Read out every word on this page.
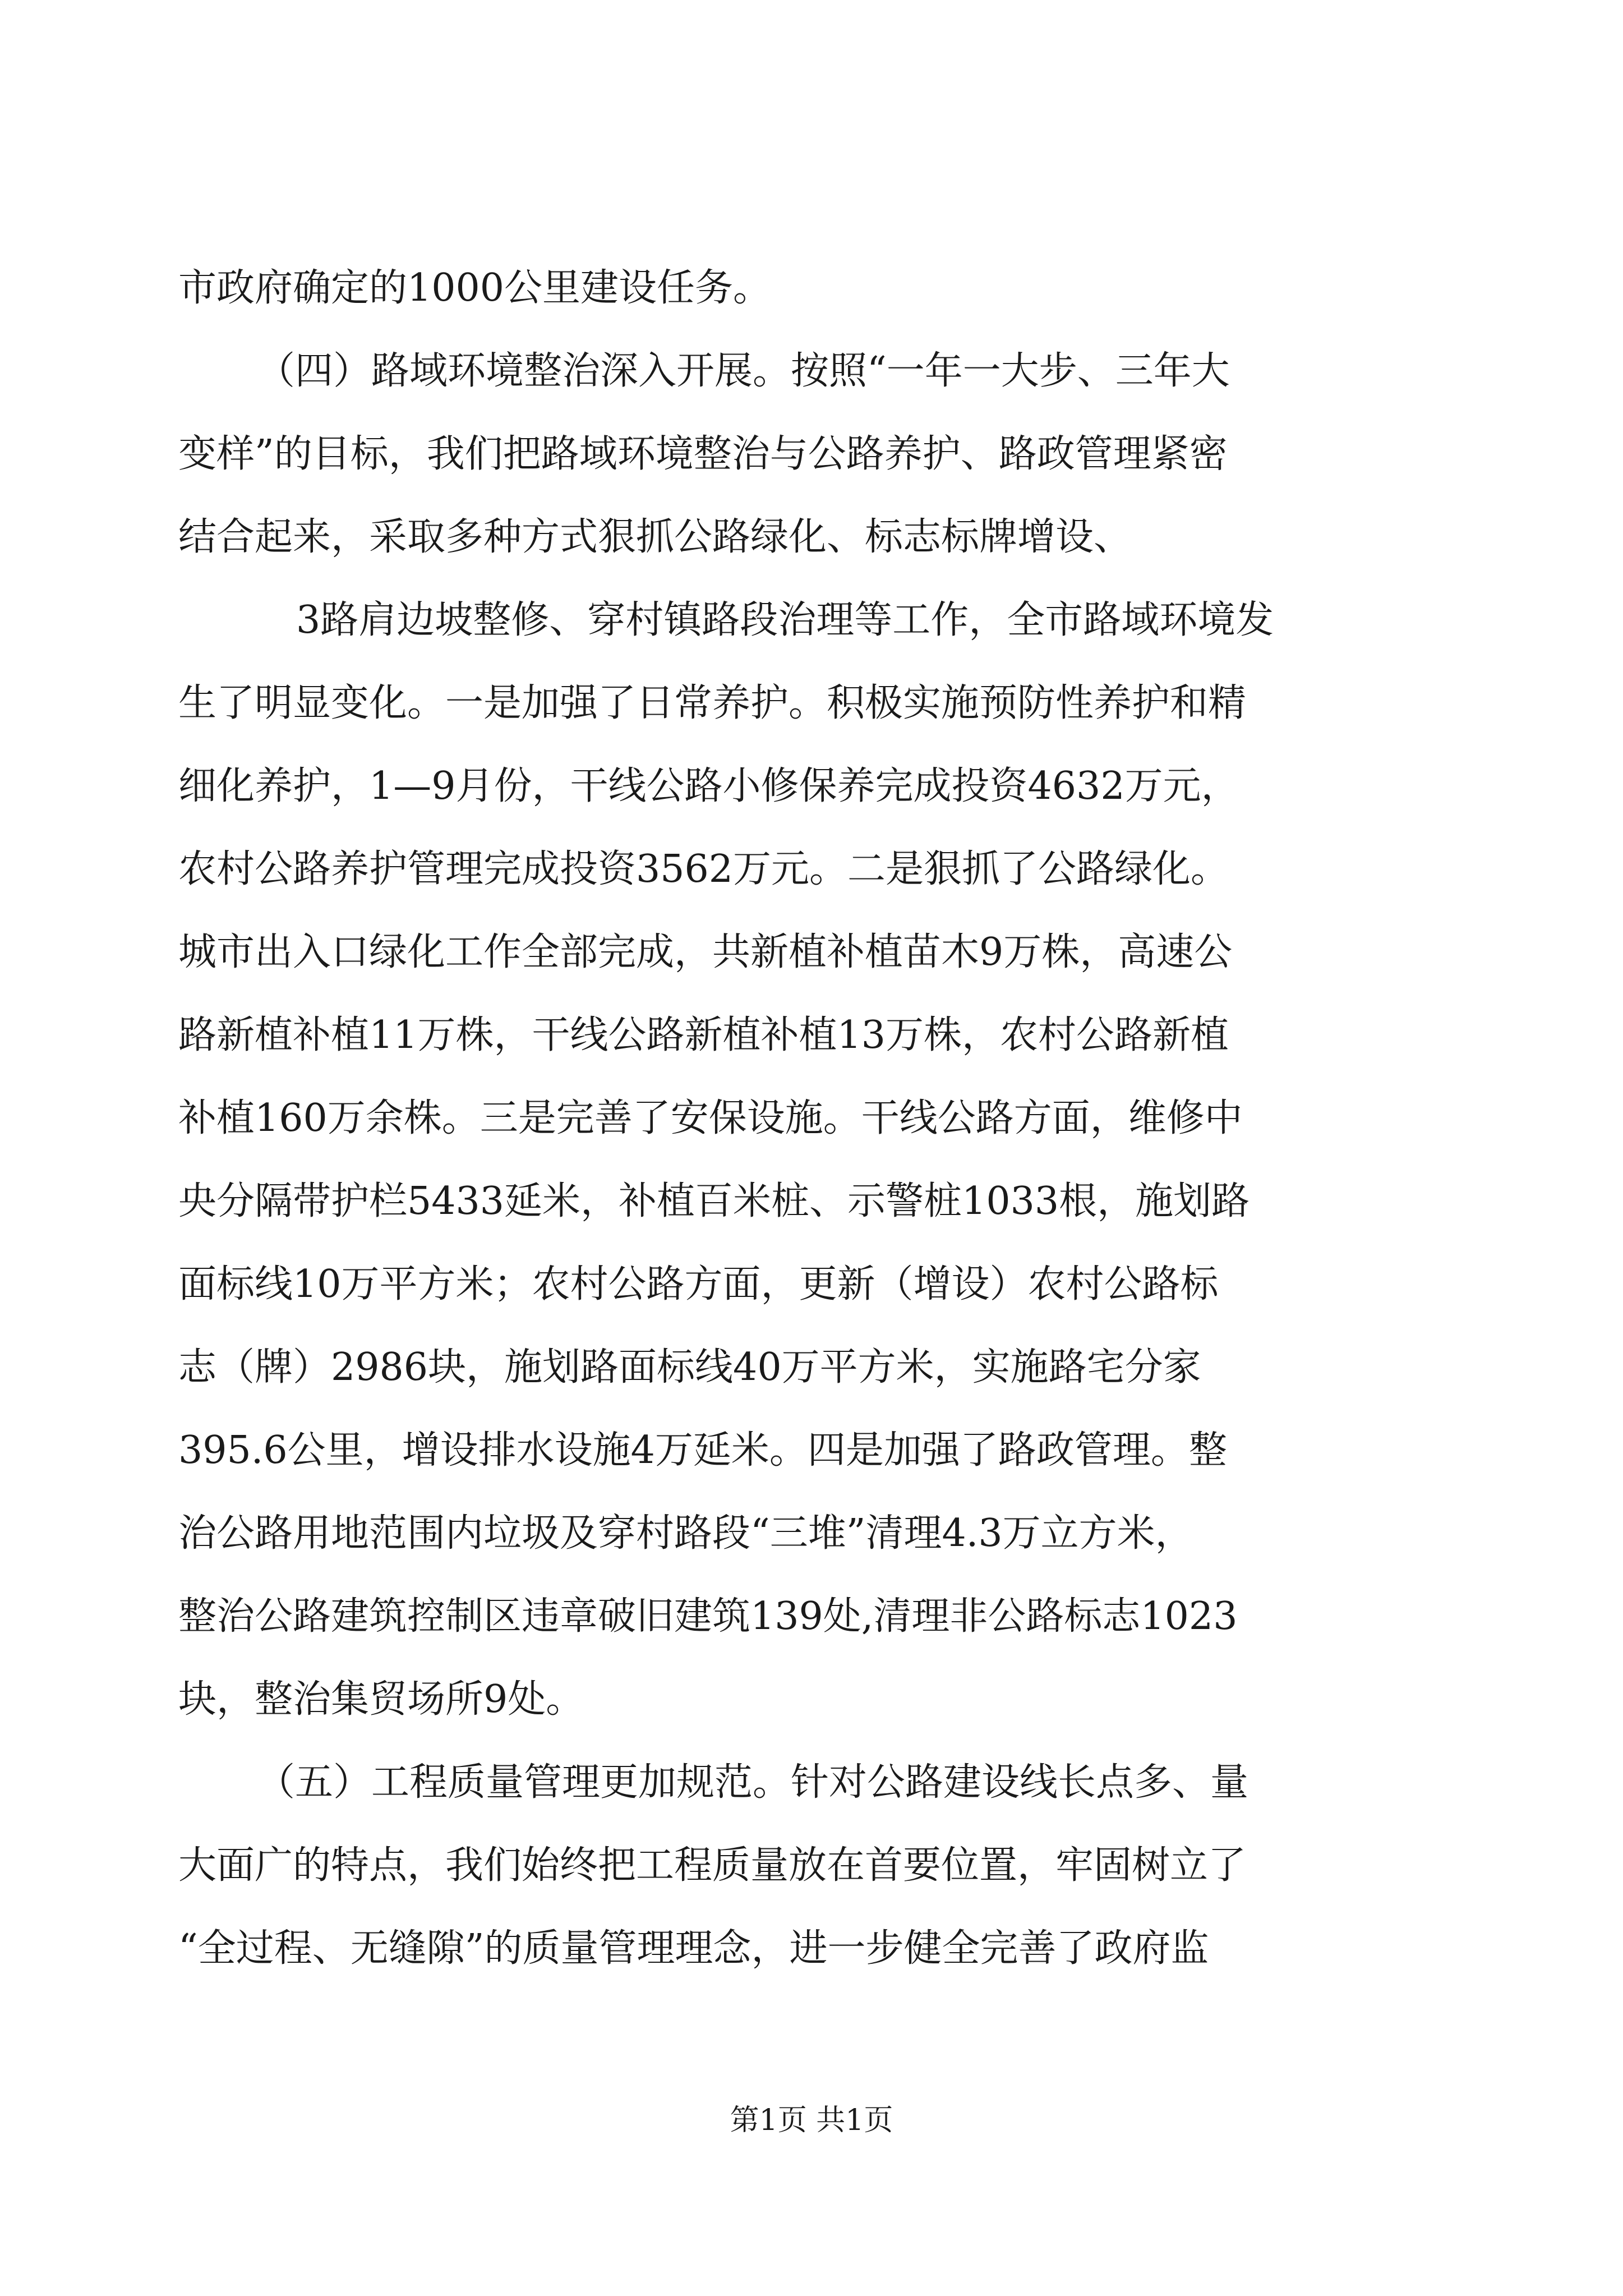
市政府确定的1000公里建设任务。
（四）路域环境整治深入开展。按照“一年一大步、三年大
变样”的目标，我们把路域环境整治与公路养护、路政管理紧密
结合起来，采取多种方式狠抓公路绿化、标志标牌增设、
3路肩边坡整修、穿村镇路段治理等工作，全市路域环境发
生了明显变化。一是加强了日常养护。积极实施预防性养护和精
细化养护，1—9月份，干线公路小修保养完成投资4632万元，
农村公路养护管理完成投资3562万元。二是狠抓了公路绿化。
城市出入口绿化工作全部完成，共新植补植苗木9万株，高速公
路新植补植11万株，干线公路新植补植13万株，农村公路新植
补植160万余株。三是完善了安保设施。干线公路方面，维修中
央分隔带护栏5433延米，补植百米桩、示警桩1033根，施划路
面标线10万平方米；农村公路方面，更新（增设）农村公路标
志（牌）2986块，施划路面标线40万平方米，实施路宅分家
395.6公里，增设排水设施4万延米。四是加强了路政管理。整
治公路用地范围内垃圾及穿村路段“三堆”清理4.3万立方米，
整治公路建筑控制区违章破旧建筑139处,清理非公路标志1023
块，整治集贸场所9处。
（五）工程质量管理更加规范。针对公路建设线长点多、量
大面广的特点，我们始终把工程质量放在首要位置，牢固树立了
“全过程、无缝隙”的质量管理理念，进一步健全完善了政府监
第1页 共1页
